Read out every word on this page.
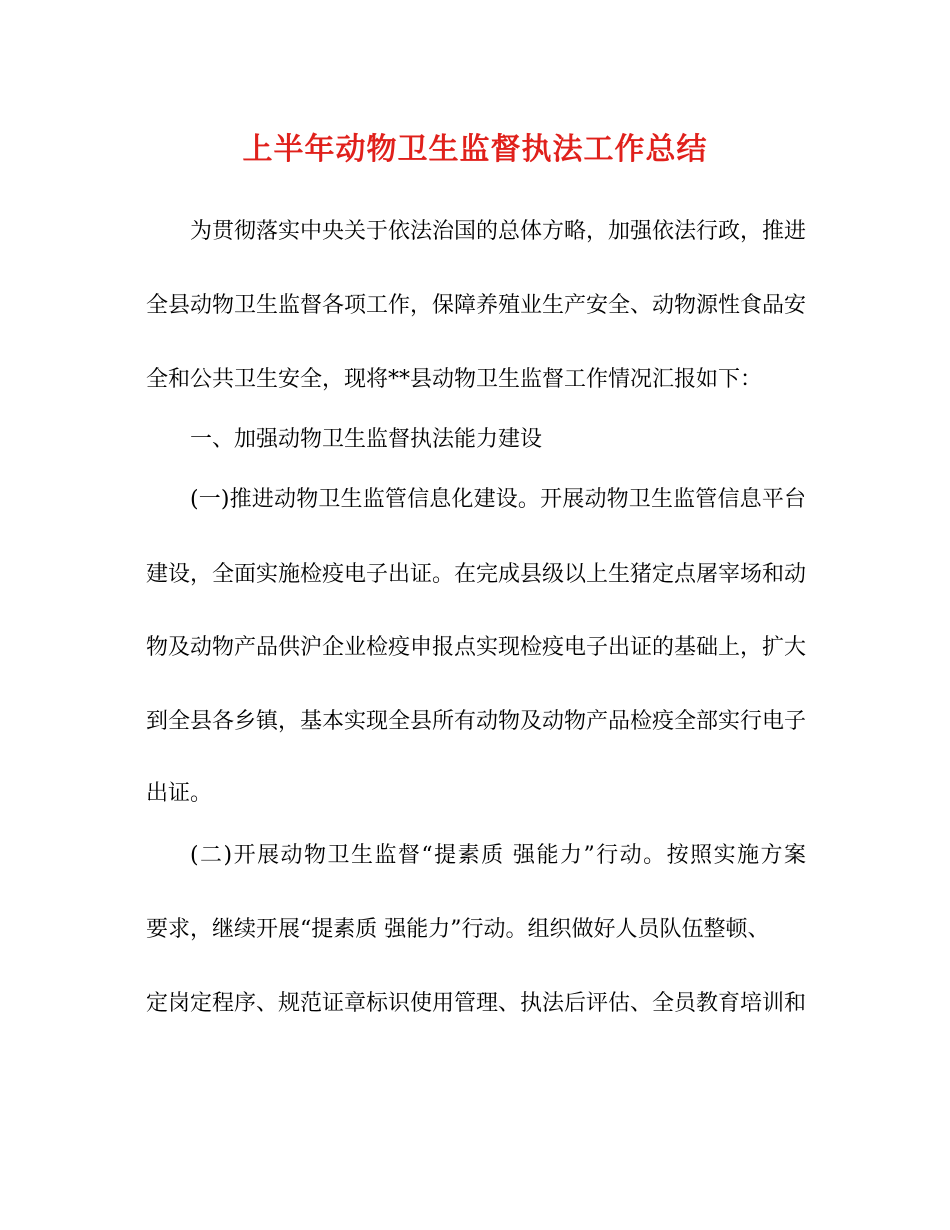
上半年动物卫生监督执法工作总结
为贯彻落实中央关于依法治国的总体方略，加强依法行政，推进
全县动物卫生监督各项工作，保障养殖业生产安全、动物源性食品安
全和公共卫生安全，现将**县动物卫生监督工作情况汇报如下：
一、加强动物卫生监督执法能力建设
(一)推进动物卫生监管信息化建设。开展动物卫生监管信息平台
建设，全面实施检疫电子出证。在完成县级以上生猪定点屠宰场和动
物及动物产品供沪企业检疫申报点实现检疫电子出证的基础上，扩大
到全县各乡镇，基本实现全县所有动物及动物产品检疫全部实行电子
出证。
(二)开展动物卫生监督“提素质 强能力”行动。按照实施方案
要求，继续开展“提素质 强能力”行动。组织做好人员队伍整顿、
定岗定程序、规范证章标识使用管理、执法后评估、全员教育培训和
